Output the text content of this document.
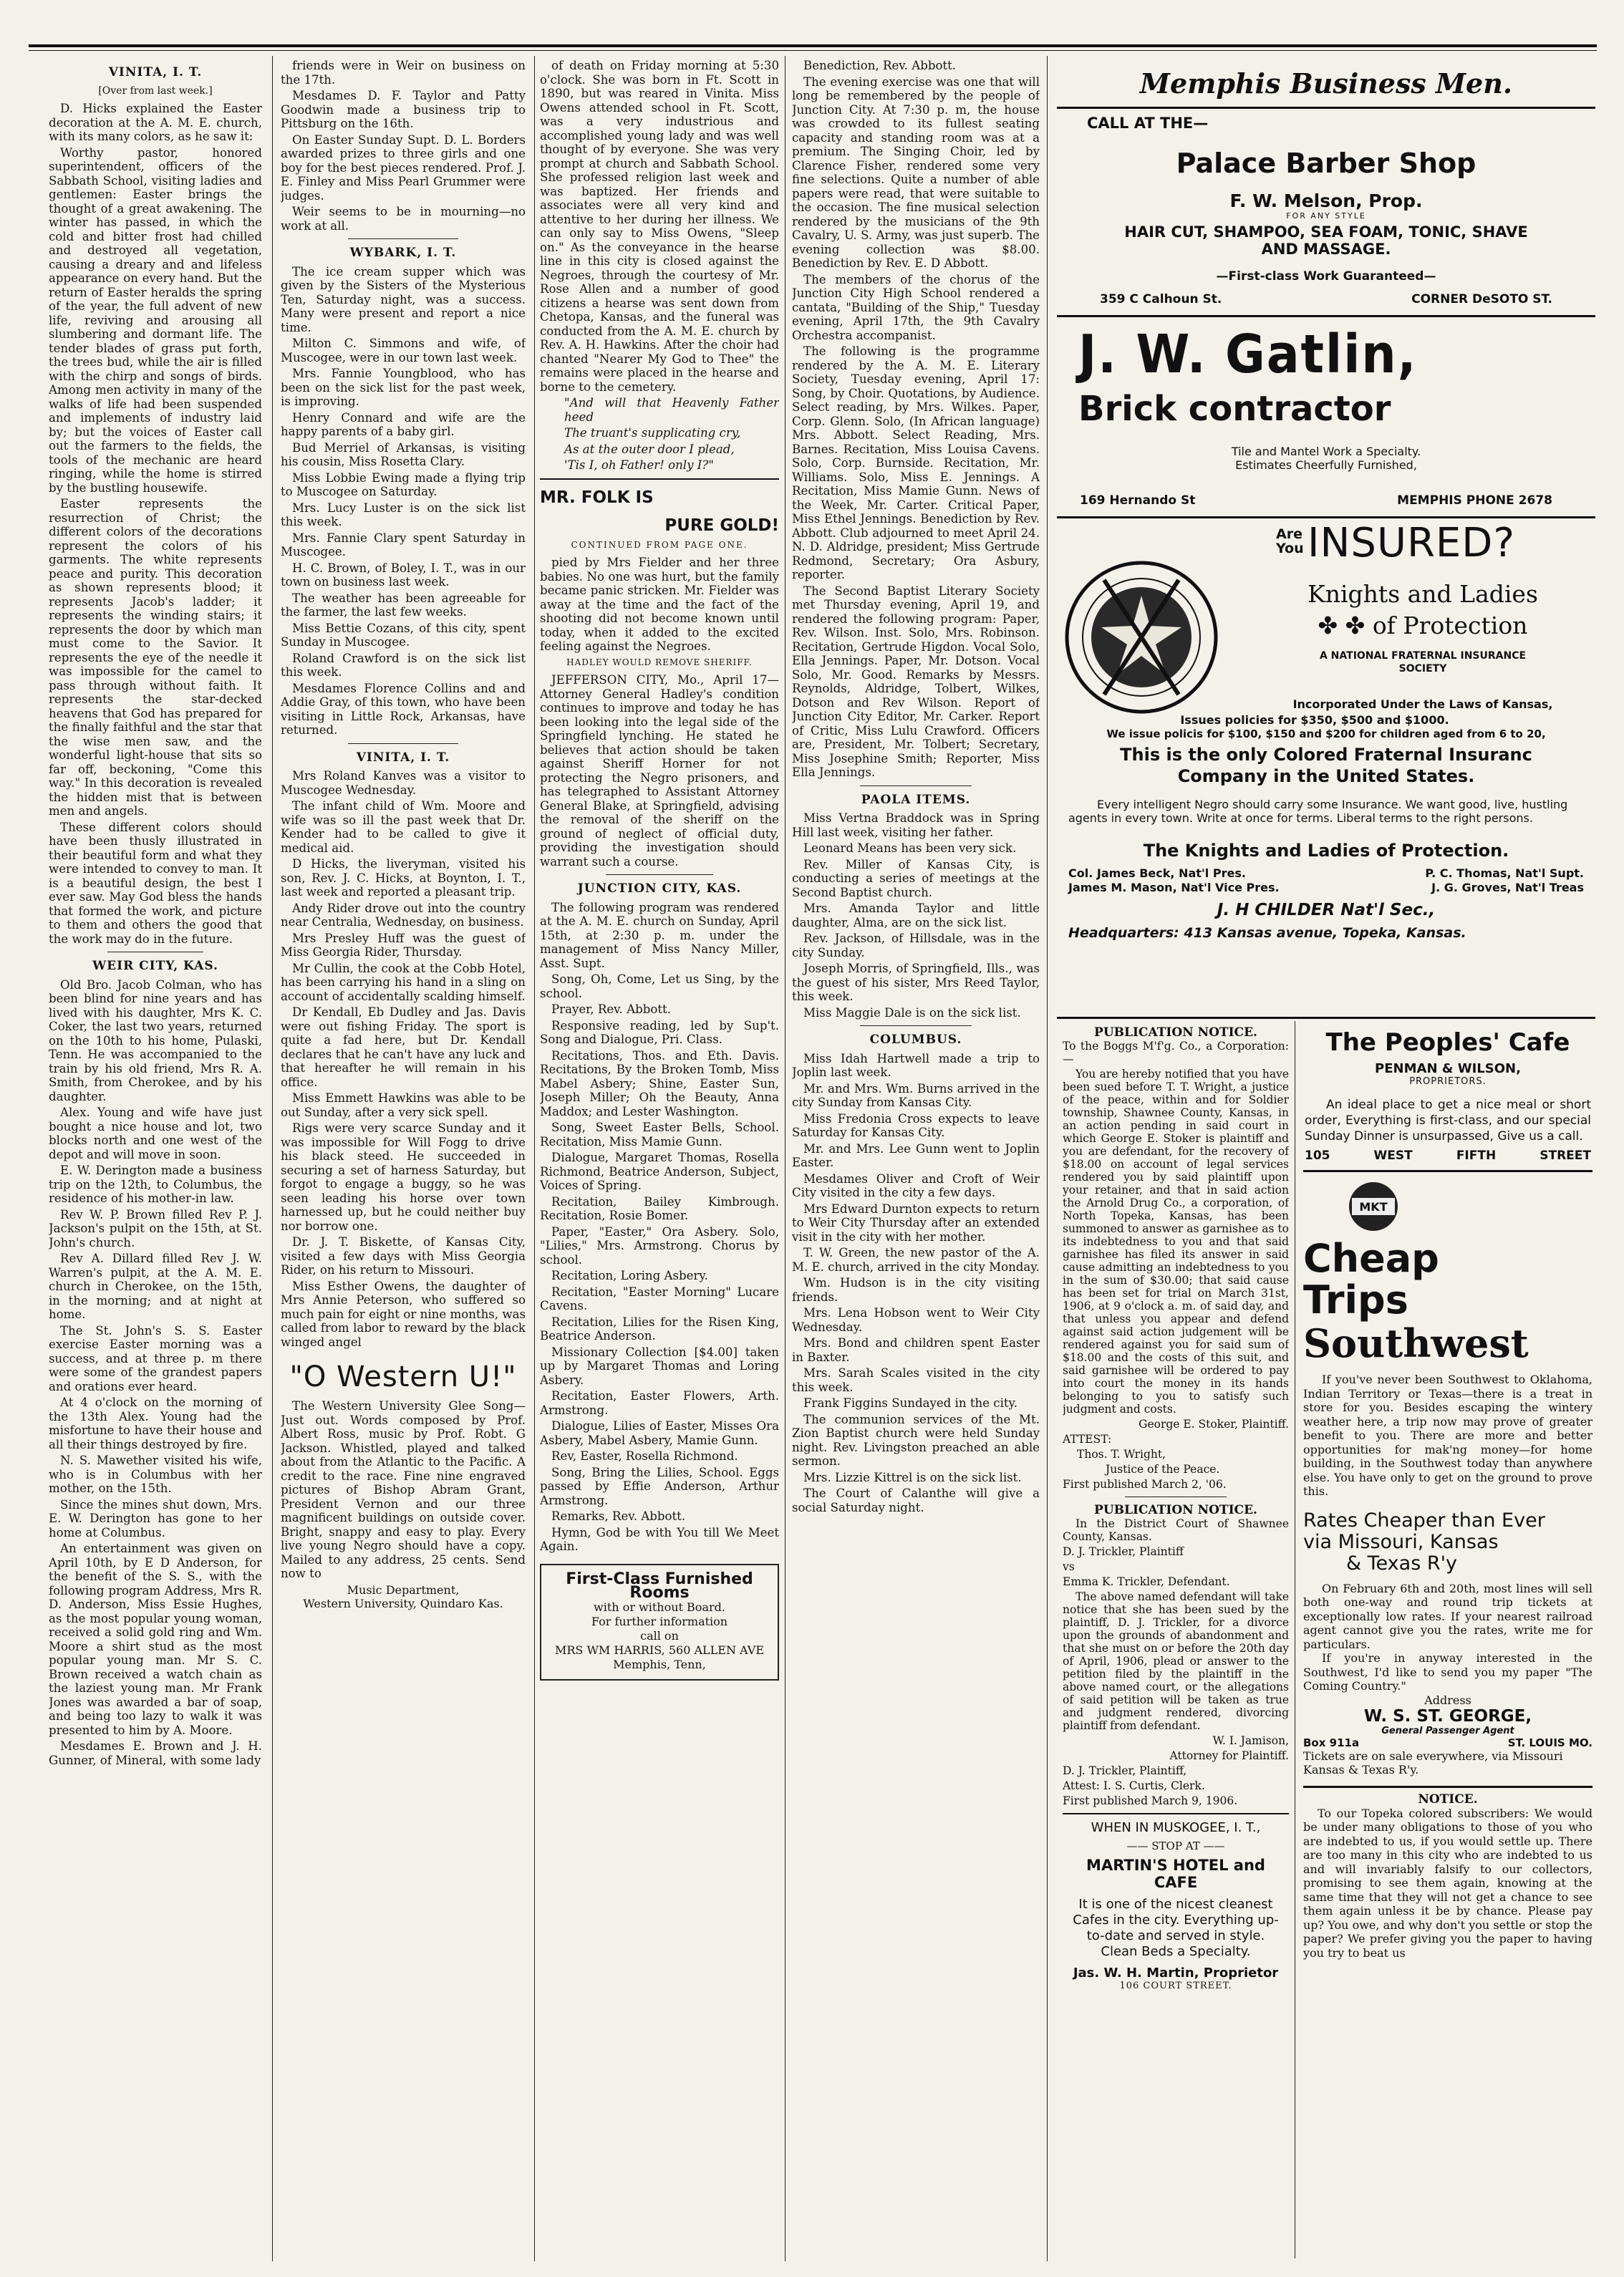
VINITA, I. T.
[Over from last week.]

D. Hicks explained the Easter decoration at the A. M. E. church, with its many colors, as he saw it:

Worthy pastor, honored superintendent, officers of the Sabbath School, visiting ladies and gentlemen: Easter brings the thought of a great awakening. The winter has passed, in which the cold and bitter frost had chilled and destroyed all vegetation, causing a dreary and and lifeless appearance on every hand. But the return of Easter heralds the spring of the year, the full advent of new life, reviving and arousing all slumbering and dormant life. The tender blades of grass put forth, the trees bud, while the air is filled with the chirp and songs of birds. Among men activity in many of the walks of life had been suspended and implements of industry laid by; but the voices of Easter call out the farmers to the fields, the tools of the mechanic are heard ringing, while the home is stirred by the bustling housewife.

Easter represents the resurrection of Christ; the different colors of the decorations represent the colors of his garments. The white represents peace and purity. This decoration as shown represents blood; it represents Jacob's ladder; it represents the winding stairs; it represents the door by which man must come to the Savior. It represents the eye of the needle it was impossible for the camel to pass through without faith. It represents the star-decked heavens that God has prepared for the finally faithful and the star that the wise men saw, and the wonderful light-house that sits so far off, beckoning, "Come this way." In this decoration is revealed the hidden mist that is between men and angels.

These different colors should have been thusly illustrated in their beautiful form and what they were intended to convey to man. It is a beautiful design, the best I ever saw. May God bless the hands that formed the work, and picture to them and others the good that the work may do in the future.

WEIR CITY, KAS.

Old Bro. Jacob Colman, who has been blind for nine years and has lived with his daughter, Mrs K. C. Coker, the last two years, returned on the 10th to his home, Pulaski, Tenn. He was accompanied to the train by his old friend, Mrs R. A. Smith, from Cherokee, and by his daughter.

Alex. Young and wife have just bought a nice house and lot, two blocks north and one west of the depot and will move in soon.

E. W. Derington made a business trip on the 12th, to Columbus, the residence of his mother-in law.

Rev W. P. Brown filled Rev P. J. Jackson's pulpit on the 15th, at St. John's church.

Rev A. Dillard filled Rev J. W. Warren's pulpit, at the A. M. E. church in Cherokee, on the 15th, in the morning; and at night at home.

The St. John's S. S. Easter exercise Easter morning was a success, and at three p. m there were some of the grandest papers and orations ever heard.

At 4 o'clock on the morning of the 13th Alex. Young had the misfortune to have their house and all their things destroyed by fire.

N. S. Mawether visited his wife, who is in Columbus with her mother, on the 15th.

Since the mines shut down, Mrs. E. W. Derington has gone to her home at Columbus.

An entertainment was given on April 10th, by E D Anderson, for the benefit of the S. S., with the following program Address, Mrs R. D. Anderson, Miss Essie Hughes, as the most popular young woman, received a solid gold ring and Wm. Moore a shirt stud as the most popular young man. Mr S. C. Brown received a watch chain as the laziest young man. Mr Frank Jones was awarded a bar of soap, and being too lazy to walk it was presented to him by A. Moore.

Mesdames E. Brown and J. H. Gunner, of Mineral, with some lady

friends were in Weir on business on the 17th.

Mesdames D. F. Taylor and Patty Goodwin made a business trip to Pittsburg on the 16th.

On Easter Sunday Supt. D. L. Borders awarded prizes to three girls and one boy for the best pieces rendered. Prof. J. E. Finley and Miss Pearl Grummer were judges.

Weir seems to be in mourning—no work at all.

WYBARK, I. T.

The ice cream supper which was given by the Sisters of the Mysterious Ten, Saturday night, was a success. Many were present and report a nice time.

Milton C. Simmons and wife, of Muscogee, were in our town last week.

Mrs. Fannie Youngblood, who has been on the sick list for the past week, is improving.

Henry Connard and wife are the happy parents of a baby girl.

Bud Merriel of Arkansas, is visiting his cousin, Miss Rosetta Clary.

Miss Lobbie Ewing made a flying trip to Muscogee on Saturday.

Mrs. Lucy Luster is on the sick list this week.

Mrs. Fannie Clary spent Saturday in Muscogee.

H. C. Brown, of Boley, I. T., was in our town on business last week.

The weather has been agreeable for the farmer, the last few weeks.

Miss Bettie Cozans, of this city, spent Sunday in Muscogee.

Roland Crawford is on the sick list this week.

Mesdames Florence Collins and and Addie Gray, of this town, who have been visiting in Little Rock, Arkansas, have returned.

VINITA, I. T.

Mrs Roland Kanves was a visitor to Muscogee Wednesday.

The infant child of Wm. Moore and wife was so ill the past week that Dr. Kender had to be called to give it medical aid.

D Hicks, the liveryman, visited his son, Rev. J. C. Hicks, at Boynton, I. T., last week and reported a pleasant trip.

Andy Rider drove out into the country near Centralia, Wednesday, on business.

Mrs Presley Huff was the guest of Miss Georgia Rider, Thursday.

Mr Cullin, the cook at the Cobb Hotel, has been carrying his hand in a sling on account of accidentally scalding himself.

Dr Kendall, Eb Dudley and Jas. Davis were out fishing Friday. The sport is quite a fad here, but Dr. Kendall declares that he can't have any luck and that hereafter he will remain in his office.

Miss Emmett Hawkins was able to be out Sunday, after a very sick spell.

Rigs were very scarce Sunday and it was impossible for Will Fogg to drive his black steed. He succeeded in securing a set of harness Saturday, but forgot to engage a buggy, so he was seen leading his horse over town harnessed up, but he could neither buy nor borrow one.

Dr. J. T. Biskette, of Kansas City, visited a few days with Miss Georgia Rider, on his return to Missouri.

Miss Esther Owens, the daughter of Mrs Annie Peterson, who suffered so much pain for eight or nine months, was called from labor to reward by the black winged angel

"O Western U!"

The Western University Glee Song—Just out. Words composed by Prof. Albert Ross, music by Prof. Robt. G Jackson. Whistled, played and talked about from the Atlantic to the Pacific. A credit to the race. Fine nine engraved pictures of Bishop Abram Grant, President Vernon and our three magnificent buildings on outside cover. Bright, snappy and easy to play. Every live young Negro should have a copy. Mailed to any address, 25 cents. Send now to

Music Department,
Western University, Quindaro Kas.

of death on Friday morning at 5:30 o'clock. She was born in Ft. Scott in 1890, but was reared in Vinita. Miss Owens attended school in Ft. Scott, was a very industrious and accomplished young lady and was well thought of by everyone. She was very prompt at church and Sabbath School. She professed religion last week and was baptized. Her friends and associates were all very kind and attentive to her during her illness. We can only say to Miss Owens, "Sleep on." As the conveyance in the hearse line in this city is closed against the Negroes, through the courtesy of Mr. Rose Allen and a number of good citizens a hearse was sent down from Chetopa, Kansas, and the funeral was conducted from the A. M. E. church by Rev. A. H. Hawkins. After the choir had chanted "Nearer My God to Thee" the remains were placed in the hearse and borne to the cemetery.

"And will that Heavenly Father heed

The truant's supplicating cry,

As at the outer door I plead,

'Tis I, oh Father! only I?"

MR. FOLK IS
PURE GOLD!
CONTINUED FROM PAGE ONE.

pied by Mrs Fielder and her three babies. No one was hurt, but the family became panic stricken. Mr. Fielder was away at the time and the fact of the shooting did not become known until today, when it added to the excited feeling against the Negroes.

HADLEY WOULD REMOVE SHERIFF.

JEFFERSON CITY, Mo., April 17—Attorney General Hadley's condition continues to improve and today he has been looking into the legal side of the Springfield lynching. He stated he believes that action should be taken against Sheriff Horner for not protecting the Negro prisoners, and has telegraphed to Assistant Attorney General Blake, at Springfield, advising the removal of the sheriff on the ground of neglect of official duty, providing the investigation should warrant such a course.

JUNCTION CITY, KAS.

The following program was rendered at the A. M. E. church on Sunday, April 15th, at 2:30 p. m. under the management of Miss Nancy Miller, Asst. Supt.

Song, Oh, Come, Let us Sing, by the school.

Prayer, Rev. Abbott.

Responsive reading, led by Sup't. Song and Dialogue, Pri. Class.

Recitations, Thos. and Eth. Davis. Recitations, By the Broken Tomb, Miss Mabel Asbery; Shine, Easter Sun, Joseph Miller; Oh the Beauty, Anna Maddox; and Lester Washington.

Song, Sweet Easter Bells, School. Recitation, Miss Mamie Gunn.

Dialogue, Margaret Thomas, Rosella Richmond, Beatrice Anderson, Subject, Voices of Spring.

Recitation, Bailey Kimbrough. Recitation, Rosie Bomer.

Paper, "Easter," Ora Asbery. Solo, "Lilies," Mrs. Armstrong. Chorus by school.

Recitation, Loring Asbery.

Recitation, "Easter Morning" Lucare Cavens.

Recitation, Lilies for the Risen King, Beatrice Anderson.

Missionary Collection [$4.00] taken up by Margaret Thomas and Loring Asbery.

Recitation, Easter Flowers, Arth. Armstrong.

Dialogue, Lilies of Easter, Misses Ora Asbery, Mabel Asbery, Mamie Gunn.

Rev, Easter, Rosella Richmond.

Song, Bring the Lilies, School. Eggs passed by Effie Anderson, Arthur Armstrong.

Remarks, Rev. Abbott.

Hymn, God be with You till We Meet Again.

First-Class Furnished Rooms
with or without Board.
For further information
call on
MRS WM HARRIS, 560 ALLEN AVE
Memphis, Tenn,

Benediction, Rev. Abbott.

The evening exercise was one that will long be remembered by the people of Junction City. At 7:30 p. m, the house was crowded to its fullest seating capacity and standing room was at a premium. The Singing Choir, led by Clarence Fisher, rendered some very fine selections. Quite a number of able papers were read, that were suitable to the occasion. The fine musical selection rendered by the musicians of the 9th Cavalry, U. S. Army, was just superb. The evening collection was $8.00. Benediction by Rev. E. D Abbott.

The members of the chorus of the Junction City High School rendered a cantata, "Building of the Ship," Tuesday evening, April 17th, the 9th Cavalry Orchestra accompanist.

The following is the programme rendered by the A. M. E. Literary Society, Tuesday evening, April 17: Song, by Choir. Quotations, by Audience. Select reading, by Mrs. Wilkes. Paper, Corp. Glenn. Solo, (In African language) Mrs. Abbott. Select Reading, Mrs. Barnes. Recitation, Miss Louisa Cavens. Solo, Corp. Burnside. Recitation, Mr. Williams. Solo, Miss E. Jennings. A Recitation, Miss Mamie Gunn. News of the Week, Mr. Carter. Critical Paper, Miss Ethel Jennings. Benediction by Rev. Abbott. Club adjourned to meet April 24. N. D. Aldridge, president; Miss Gertrude Redmond, Secretary; Ora Asbury, reporter.

The Second Baptist Literary Society met Thursday evening, April 19, and rendered the following program: Paper, Rev. Wilson. Inst. Solo, Mrs. Robinson. Recitation, Gertrude Higdon. Vocal Solo, Ella Jennings. Paper, Mr. Dotson. Vocal Solo, Mr. Good. Remarks by Messrs. Reynolds, Aldridge, Tolbert, Wilkes, Dotson and Rev Wilson. Report of Junction City Editor, Mr. Carker. Report of Critic, Miss Lulu Crawford. Officers are, President, Mr. Tolbert; Secretary, Miss Josephine Smith; Reporter, Miss Ella Jennings.

PAOLA ITEMS.

Miss Vertna Braddock was in Spring Hill last week, visiting her father.

Leonard Means has been very sick.

Rev. Miller of Kansas City, is conducting a series of meetings at the Second Baptist church.

Mrs. Amanda Taylor and little daughter, Alma, are on the sick list.

Rev. Jackson, of Hillsdale, was in the city Sunday.

Joseph Morris, of Springfield, Ills., was the guest of his sister, Mrs Reed Taylor, this week.

Miss Maggie Dale is on the sick list.

COLUMBUS.

Miss Idah Hartwell made a trip to Joplin last week.

Mr. and Mrs. Wm. Burns arrived in the city Sunday from Kansas City.

Miss Fredonia Cross expects to leave Saturday for Kansas City.

Mr. and Mrs. Lee Gunn went to Joplin Easter.

Mesdames Oliver and Croft of Weir City visited in the city a few days.

Mrs Edward Durnton expects to return to Weir City Thursday after an extended visit in the city with her mother.

T. W. Green, the new pastor of the A. M. E. church, arrived in the city Monday.

Wm. Hudson is in the city visiting friends.

Mrs. Lena Hobson went to Weir City Wednesday.

Mrs. Bond and children spent Easter in Baxter.

Mrs. Sarah Scales visited in the city this week.

Frank Figgins Sundayed in the city.

The communion services of the Mt. Zion Baptist church were held Sunday night. Rev. Livingston preached an able sermon.

Mrs. Lizzie Kittrel is on the sick list.

The Court of Calanthe will give a social Saturday night.

Memphis Business Men.
CALL AT THE—
Palace Barber Shop
F. W. Melson, Prop.
FOR ANY STYLE
HAIR CUT, SHAMPOO, SEA FOAM, TONIC, SHAVE
AND MASSAGE.
—First-class Work Guaranteed—
359 C Calhoun St.	CORNER DeSOTO ST.
J. W. Gatlin,
Brick contractor
Tile and Mantel Work a Specialty.
Estimates Cheerfully Furnished,
169 Hernando St	MEMPHIS PHONE 2678
Are
You INSURED?
Knights and Ladies
✤ ✤ of Protection
A NATIONAL FRATERNAL INSURANCE
SOCIETY
Incorporated Under the Laws of Kansas,
Issues policies for $350, $500 and $1000.
We issue policis for $100, $150 and $200 for children aged from 6 to 20,
This is the only Colored Fraternal Insuranc
Company in the United States.
Every intelligent Negro should carry some Insurance. We want good, live, hustling agents in every town. Write at once for terms. Liberal terms to the right persons.
The Knights and Ladies of Protection.
Col. James Beck, Nat'l Pres.	P. C. Thomas, Nat'l Supt.
James M. Mason, Nat'l Vice Pres.	J. G. Groves, Nat'l Treas
J. H CHILDER Nat'l Sec.,
Headquarters: 413 Kansas avenue, Topeka, Kansas.
PUBLICATION NOTICE.
To the Boggs M'f'g. Co., a Corporation:—
You are hereby notified that you have been sued before T. T. Wright, a justice of the peace, within and for Soldier township, Shawnee County, Kansas, in an action pending in said court in which George E. Stoker is plaintiff and you are defendant, for the recovery of $18.00 on account of legal services rendered you by said plaintiff upon your retainer, and that in said action the Arnold Drug Co., a corporation, of North Topeka, Kansas, has been summoned to answer as garnishee as to its indebtedness to you and that said garnishee has filed its answer in said cause admitting an indebtedness to you in the sum of $30.00; that said cause has been set for trial on March 31st, 1906, at 9 o'clock a. m. of said day, and that unless you appear and defend against said action judgement will be rendered against you for said sum of $18.00 and the costs of this suit, and said garnishee will be ordered to pay into court the money in its hands belonging to you to satisfy such judgment and costs.
George E. Stoker, Plaintiff.
ATTEST:
Thos. T. Wright,
Justice of the Peace.
First published March 2, '06.
PUBLICATION NOTICE.
In the District Court of Shawnee County, Kansas.
D. J. Trickler, Plaintiff
vs
Emma K. Trickler, Defendant.
The above named defendant will take notice that she has been sued by the plaintiff, D. J. Trickler, for a divorce upon the grounds of abandonment and that she must on or before the 20th day of April, 1906, plead or answer to the petition filed by the plaintiff in the above named court, or the allegations of said petition will be taken as true and judgment rendered, divorcing plaintiff from defendant.
W. I. Jamison,
Attorney for Plaintiff.
D. J. Trickler, Plaintiff,
Attest: I. S. Curtis, Clerk.
First published March 9, 1906.
WHEN IN MUSKOGEE, I. T.,
—— STOP AT ——
MARTIN'S HOTEL and CAFE
It is one of the nicest cleanest Cafes in the city. Everything up-to-date and served in style. Clean Beds a Specialty.
Jas. W. H. Martin, Proprietor
106 COURT STREET.
The Peoples' Cafe
PENMAN & WILSON,
PROPRIETORS.
An ideal place to get a nice meal or short order, Everything is first-class, and our special Sunday Dinner is unsurpassed, Give us a call.
105	WEST	FIFTH	STREET
MKT
Cheap
Trips
Southwest
If you've never been Southwest to Oklahoma, Indian Territory or Texas—there is a treat in store for you. Besides escaping the wintery weather here, a trip now may prove of greater benefit to you. There are more and better opportunities for mak'ng money—for home building, in the Southwest today than anywhere else. You have only to get on the ground to prove this.
Rates Cheaper than Ever
via Missouri, Kansas
& Texas R'y
On February 6th and 20th, most lines will sell both one-way and round trip tickets at exceptionally low rates. If your nearest railroad agent cannot give you the rates, write me for particulars.
If you're in anyway interested in the Southwest, I'd like to send you my paper "The Coming Country."
Address
W. S. ST. GEORGE,
General Passenger Agent
Box 911a	ST. LOUIS MO.
Tickets are on sale everywhere, via Missouri Kansas & Texas R'y.
NOTICE.
To our Topeka colored subscribers: We would be under many obligations to those of you who are indebted to us, if you would settle up. There are too many in this city who are indebted to us and will invariably falsify to our collectors, promising to see them again, knowing at the same time that they will not get a chance to see them again unless it be by chance. Please pay up? You owe, and why don't you settle or stop the paper? We prefer giving you the paper to having you try to beat us
